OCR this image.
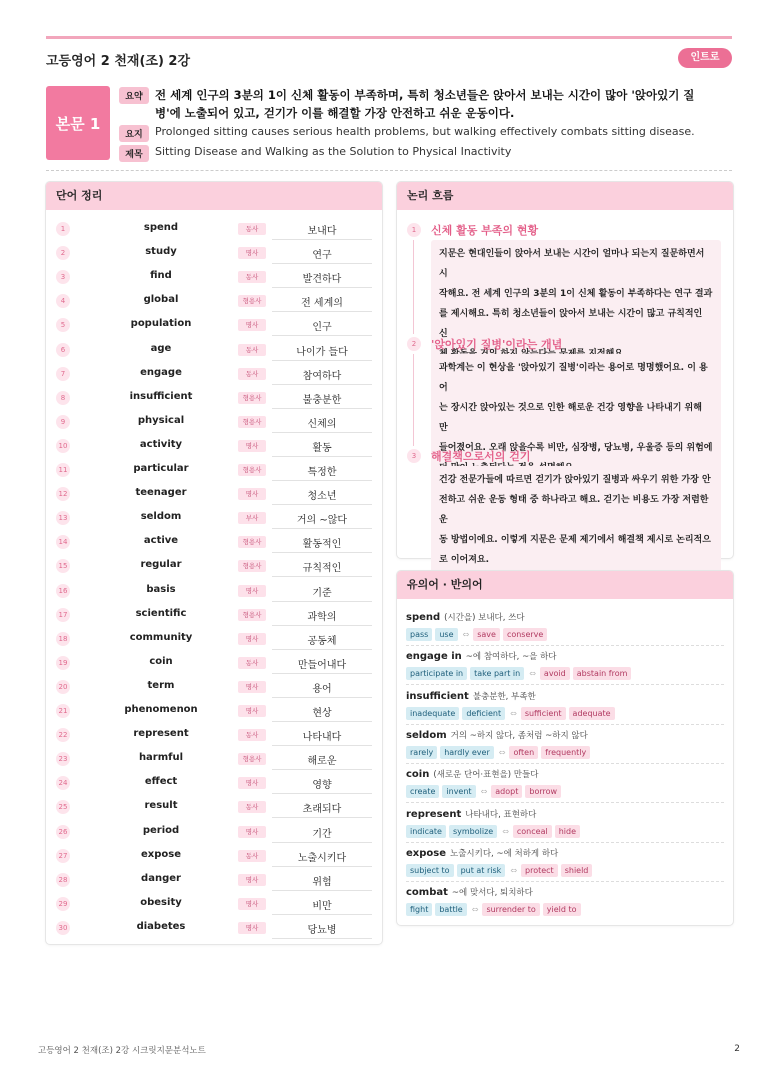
고등영어 2 천재(조) 2강	인트로
본문 1
요약	전 세계 인구의 3분의 1이 신체 활동이 부족하며, 특히 청소년들은 앉아서 보내는 시간이 많아 '앉아있기 질병'에 노출되어 있고, 걷기가 이를 해결할 가장 안전하고 쉬운 운동이다.
요지	Prolonged sitting causes serious health problems, but walking effectively combats sitting disease.
제목	Sitting Disease and Walking as the Solution to Physical Inactivity
단어 정리
1	spend	동사	보내다
2	study	명사	연구
3	find	동사	발견하다
4	global	형용사	전 세계의
5	population	명사	인구
6	age	동사	나이가 들다
7	engage	동사	참여하다
8	insufficient	형용사	불충분한
9	physical	형용사	신체의
10	activity	명사	활동
11	particular	형용사	특정한
12	teenager	명사	청소년
13	seldom	부사	거의 ~않다
14	active	형용사	활동적인
15	regular	형용사	규칙적인
16	basis	명사	기준
17	scientific	형용사	과학의
18	community	명사	공동체
19	coin	동사	만들어내다
20	term	명사	용어
21	phenomenon	명사	현상
22	represent	동사	나타내다
23	harmful	형용사	해로운
24	effect	명사	영향
25	result	동사	초래되다
26	period	명사	기간
27	expose	동사	노출시키다
28	danger	명사	위험
29	obesity	명사	비만
30	diabetes	명사	당뇨병
논리 흐름
1	신체 활동 부족의 현황
지문은 현대인들이 앉아서 보내는 시간이 얼마나 되는지 질문하면서 시
작해요. 전 세계 인구의 3분의 1이 신체 활동이 부족하다는 연구 결과
를 제시해요. 특히 청소년들이 앉아서 보내는 시간이 많고 규칙적인 신
2	'앉아있기 질병'이라는 개념
과학계는 이 현상을 '앉아있기 질병'이라는 용어로 명명했어요. 이 용어
는 장시간 앉아있는 것으로 인한 해로운 건강 영향을 나타내기 위해 만
들어졌어요. 오래 앉을수록 비만, 심장병, 당뇨병, 우울증 등의 위험에
3	해결책으로서의 걷기
건강 전문가들에 따르면 걷기가 앉아있기 질병과 싸우기 위한 가장 안
전하고 쉬운 운동 형태 중 하나라고 해요. 걷기는 비용도 가장 저렴한 운
동 방법이에요. 이렇게 지문은 문제 제기에서 해결책 제시로 논리적으
로 이어져요.
유의어 · 반의어
spend (시간을) 보내다, 쓰다
pass	use	⇔	save	conserve
engage in ~에 참여하다, ~을 하다
participate in	take part in	⇔	avoid	abstain from
insufficient 불충분한, 부족한
inadequate	deficient	⇔	sufficient	adequate
seldom 거의 ~하지 않다, 좀처럼 ~하지 않다
rarely	hardly ever	⇔	often	frequently
coin (새로운 단어·표현을) 만들다
create	invent	⇔	adopt	borrow
represent 나타내다, 표현하다
indicate	symbolize	⇔	conceal	hide
expose 노출시키다, ~에 처하게 하다
subject to	put at risk	⇔	protect	shield
combat ~에 맞서다, 퇴치하다
fight	battle	⇔	surrender to	yield to
고등영어 2 천재(조) 2강 시크릿지문분석노트	2
